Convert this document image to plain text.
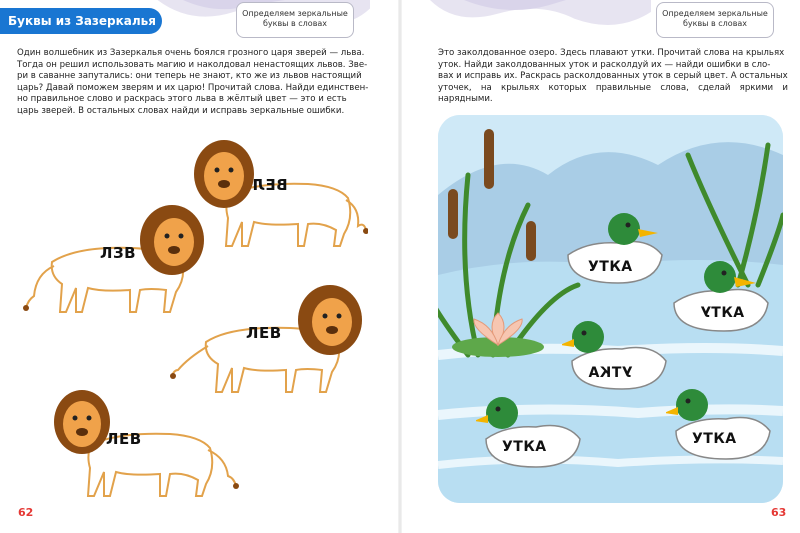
Буквы из Зазеркалья
Определяем зеркальные
буквы в словах
Один волшебник из Зазеркалья очень боялся грозного царя зверей — льва.
Тогда он решил использовать магию и наколдовал ненастоящих львов. Зве-
ри в саванне запутались: они теперь не знают, кто же из львов настоящий
царь? Давай поможем зверям и их царю! Прочитай слова. Найди единствен-
но правильное слово и раскрась этого льва в жёлтый цвет — это и есть
царь зверей. В остальных словах найди и исправь зеркальные ошибки.
ВЕЛ
ЛЗВ
ЛЕВ
ЛЕВ
62
Определяем зеркальные
буквы в словах
Это заколдованное озеро. Здесь плавают утки. Прочитай слова на крыльях
уток. Найди заколдованных уток и расколдуй их — найди ошибки в сло-
вах и исправь их. Раскрась расколдованных уток в серый цвет. А остальных
уточек, на крыльях которых правильные слова, сделай яркими и нарядными.
УТКА
УТКА
УТКА
УТКА	УТКА
63
